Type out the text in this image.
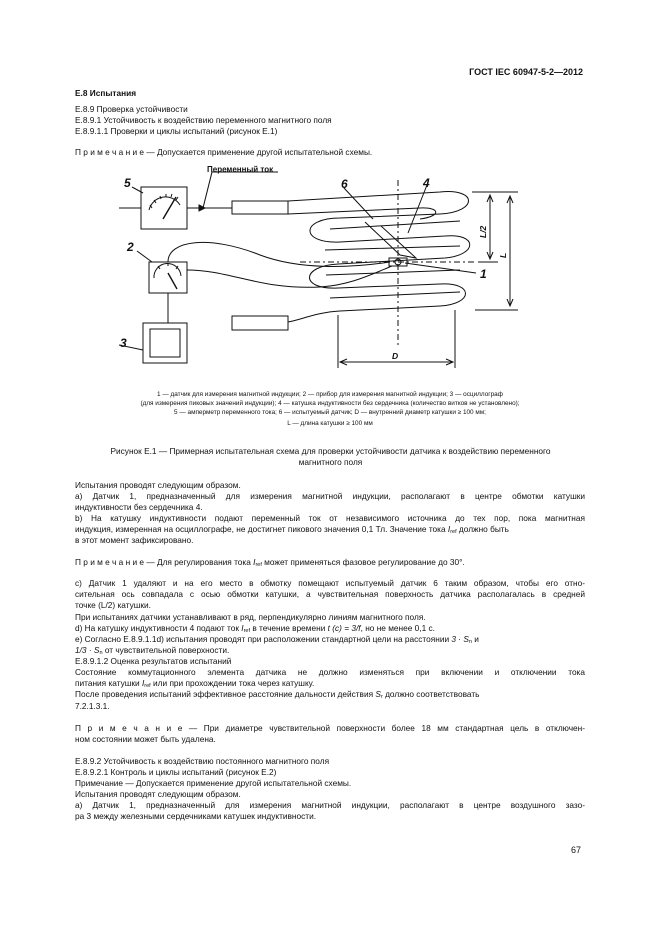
ГОСТ IEC 60947-5-2—2012
Е.8 Испытания
Е.8.9 Проверка устойчивости
Е.8.9.1 Устойчивость к воздействию переменного магнитного поля
Е.8.9.1.1 Проверки и циклы испытаний (рисунок Е.1)
П р и м е ч а н и е — Допускается применение другой испытательной схемы.
Переменный ток
5
2
3
6	4
1
L/2
L
D
1 — датчик для измерения магнитной индукции; 2 — прибор для измерения магнитной индукции; 3 — осциллограф
(для измерения пиковых значений индукции); 4 — катушка индуктивности без сердечника (количество витков не установлено);
5 — амперметр переменного тока; 6 — испытуемый датчик; D — внутренний диаметр катушки ≥ 100 мм;
L — длина катушки ≥ 100 мм
Рисунок Е.1 — Примерная испытательная схема для проверки устойчивости датчика к воздействию переменного
магнитного поля
Испытания проводят следующим образом.
а) Датчик 1, предназначенный для измерения магнитной индукции, располагают в центре обмотки катушки
индуктивности без сердечника 4.
b) На катушку индуктивности подают переменный ток от независимого источника до тех пор, пока магнитная
индукция, измеренная на осциллографе, не достигнет пикового значения 0,1 Тл. Значение тока $I_{ref}$ должно быть
в этот момент зафиксировано.
П р и м е ч а н и е — Для регулирования тока $I_{ref}$ может применяться фазовое регулирование до 30°.
c) Датчик 1 удаляют и на его место в обмотку помещают испытуемый датчик 6 таким образом, чтобы его отно-
сительная ось совпадала с осью обмотки катушки, а чувствительная поверхность датчика располагалась в средней
точке (L/2) катушки.
При испытаниях датчики устанавливают в ряд, перпендикулярно линиям магнитного поля.
d) На катушку индуктивности 4 подают ток $I_{ref}$ в течение времени t (c) = 3/f, но не менее 0,1 с.
е) Согласно Е.8.9.1.1d) испытания проводят при расположении стандартной цели на расстоянии $3 \cdot S_n$ и
$1/3 \cdot S_n$ от чувствительной поверхности.
Е.8.9.1.2 Оценка результатов испытаний
Состояние коммутационного элемента датчика не должно изменяться при включении и отключении тока
питания катушки $I_{ref}$ или при прохождении тока через катушку.
После проведения испытаний эффективное расстояние дальности действия $S_r$ должно соответствовать
7.2.1.3.1.
П р и м е ч а н и е — При диаметре чувствительной поверхности более 18 мм стандартная цель в отключен-
ном состоянии может быть удалена.
Е.8.9.2 Устойчивость к воздействию постоянного магнитного поля
Е.8.9.2.1 Контроль и циклы испытаний (рисунок Е.2)
Примечание — Допускается применение другой испытательной схемы.
Испытания проводят следующим образом.
а) Датчик 1, предназначенный для измерения магнитной индукции, располагают в центре воздушного зазо-
ра 3 между железными сердечниками катушек индуктивности.
67
